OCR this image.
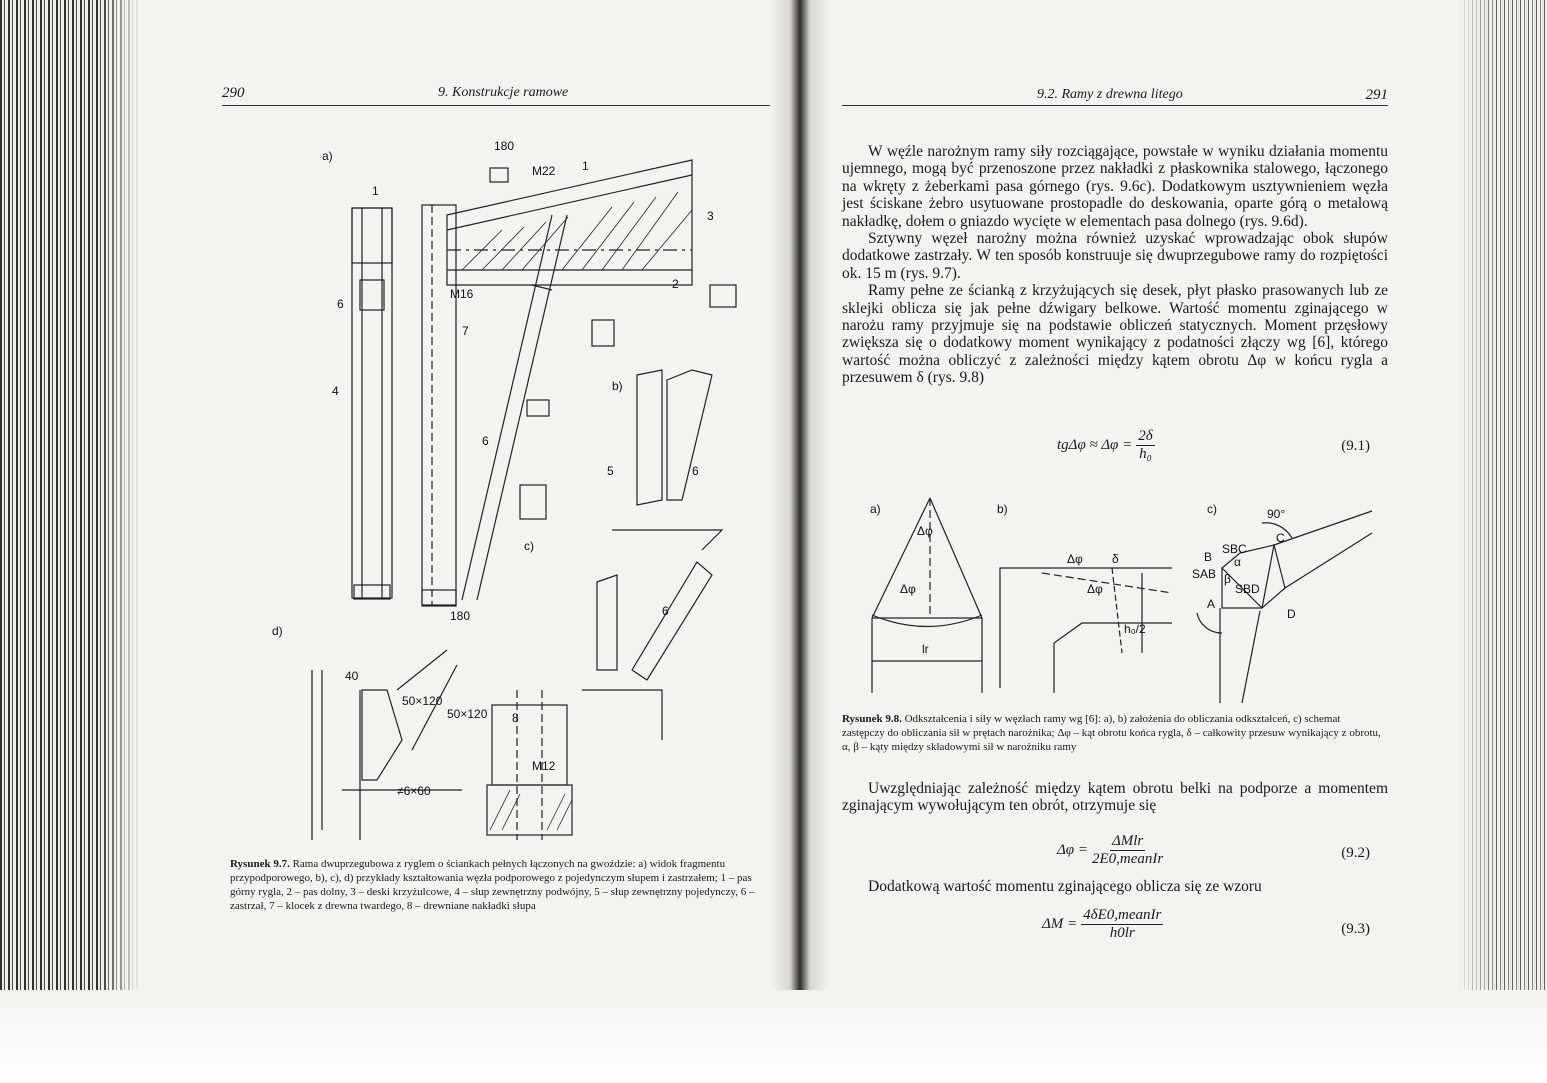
290	9. Konstrukcje ramowe
a)
b)
c)
d)
180
M22 1
3
2
M16
180
1
6
7
4
6
5	6
6
40
50×120
50×120 8
M12
≠6×60
Rysunek 9.7. Rama dwuprzegubowa z ryglem o ściankach pełnych łączonych na gwoździe: a) widok fragmentu przypodporowego, b), c), d) przykłady kształtowania węzła podporowego z pojedynczym słupem i zastrzałem; 1 – pas górny rygla, 2 – pas dolny, 3 – deski krzyżulcowe, 4 – słup zewnętrzny podwójny, 5 – słup zewnętrzny pojedynczy, 6 – zastrzał, 7 – klocek z drewna twardego, 8 – drewniane nakładki słupa
9.2. Ramy z drewna litego	291

W węźle narożnym ramy siły rozciągające, powstałe w wyniku działania momentu ujemnego, mogą być przenoszone przez nakładki z płaskownika stalowego, łączonego na wkręty z żeberkami pasa górnego (rys. 9.6c). Dodatkowym usztywnieniem węzła jest ściskane żebro usytuowane prostopadle do deskowania, oparte górą o metalową nakładkę, dołem o gniazdo wycięte w elementach pasa dolnego (rys. 9.6d).

Sztywny węzeł narożny można również uzyskać wprowadzając obok słupów dodatkowe zastrzały. W ten sposób konstruuje się dwuprzegubowe ramy do rozpiętości ok. 15 m (rys. 9.7).

Ramy pełne ze ścianką z krzyżujących się desek, płyt płasko prasowanych lub ze sklejki oblicza się jak pełne dźwigary belkowe. Wartość momentu zginającego w narożu ramy przyjmuje się na podstawie obliczeń statycznych. Moment przęsłowy zwiększa się o dodatkowy moment wynikający z podatności złączy wg [6], którego wartość można obliczyć z zależności między kątem obrotu Δφ w końcu rygla a przesuwem δ (rys. 9.8)

$tg\Delta\varphi \approx \Delta\varphi = \frac{2\delta}{\text{h₀}}$	(9.1)
a)	b)	c)
Δφ
Δφ
lr
Δφ δ
Δφ
h₀/2
SBC
SAB
SBD
B
C
A
D
α
β
90°
Rysunek 9.8. Odkształcenia i siły w węzłach ramy wg [6]: a), b) założenia do obliczania odkształceń, c) schemat zastępczy do obliczania sił w prętach narożnika; Δφ – kąt obrotu końca rygla, δ – całkowity przesuw wynikający z obrotu, α, β – kąty między składowymi sił w narożniku ramy

Uwzględniając zależność między kątem obrotu belki na podporze a momentem zginającym wywołującym ten obrót, otrzymuje się

$\Delta\varphi = \frac{\text{ΔMlr}}{\text{2E0,meanIr}}$	(9.2)

Dodatkową wartość momentu zginającego oblicza się ze wzoru

$\Delta M = \frac{\text{4δE0,meanIr}}{h0lr}$	(9.3)
